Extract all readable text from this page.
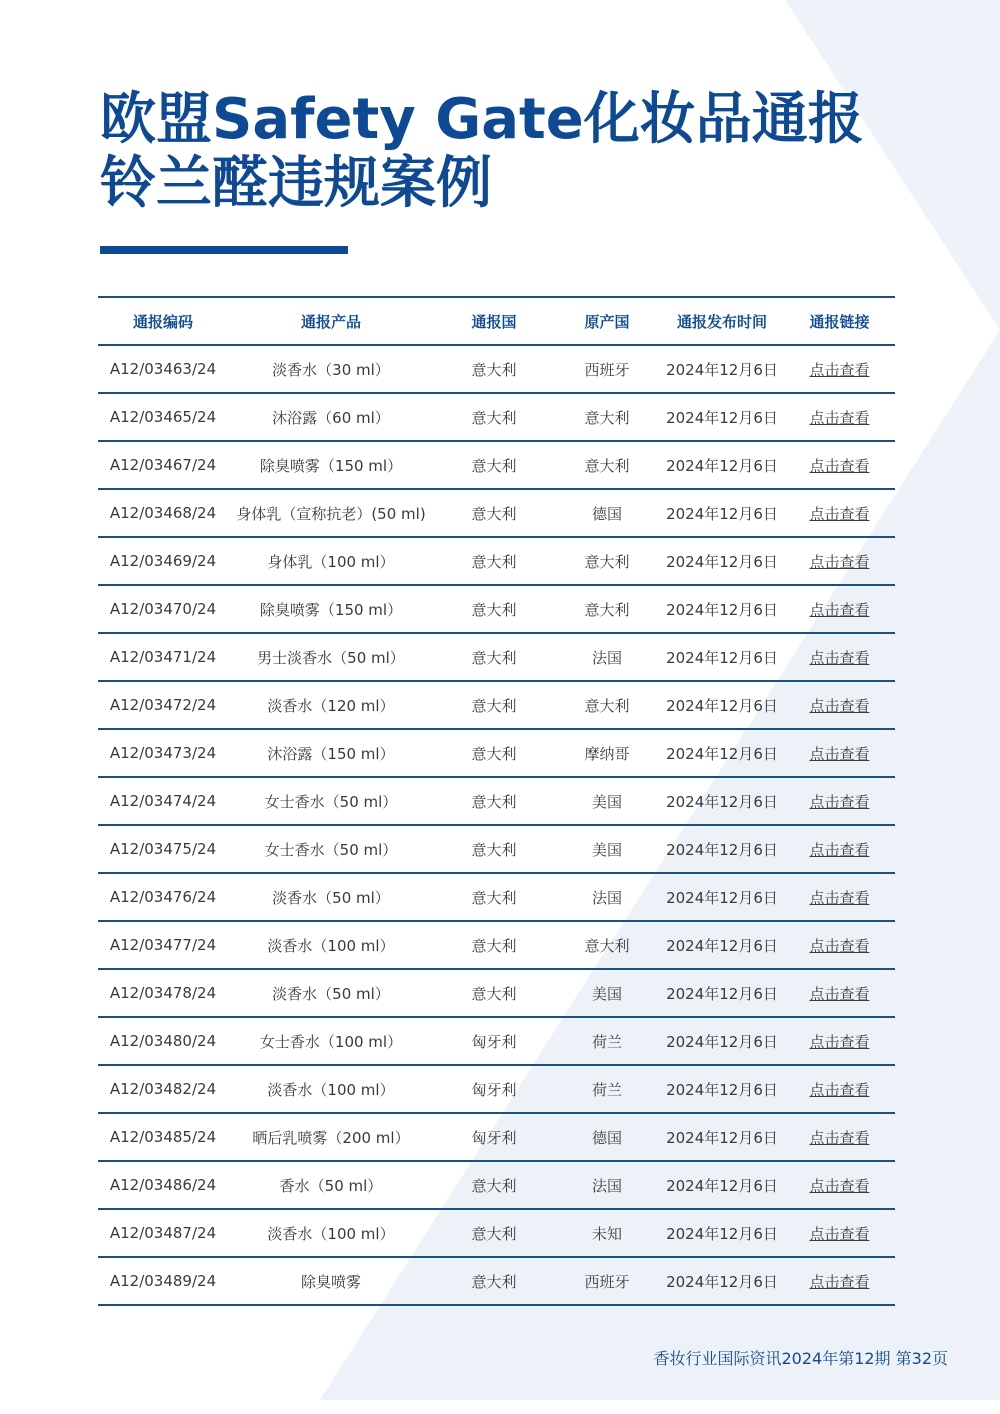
欧盟Safety Gate化妆品通报
铃兰醛违规案例
通报编码	通报产品	通报国	原产国	通报发布时间	通报链接
A12/03463/24	淡香水（30 ml）	意大利	西班牙	2024年12月6日	点击查看
A12/03465/24	沐浴露（60 ml）	意大利	意大利	2024年12月6日	点击查看
A12/03467/24	除臭喷雾（150 ml）	意大利	意大利	2024年12月6日	点击查看
A12/03468/24	身体乳（宣称抗老）(50 ml)	意大利	德国	2024年12月6日	点击查看
A12/03469/24	身体乳（100 ml）	意大利	意大利	2024年12月6日	点击查看
A12/03470/24	除臭喷雾（150 ml）	意大利	意大利	2024年12月6日	点击查看
A12/03471/24	男士淡香水（50 ml）	意大利	法国	2024年12月6日	点击查看
A12/03472/24	淡香水（120 ml）	意大利	意大利	2024年12月6日	点击查看
A12/03473/24	沐浴露（150 ml）	意大利	摩纳哥	2024年12月6日	点击查看
A12/03474/24	女士香水（50 ml）	意大利	美国	2024年12月6日	点击查看
A12/03475/24	女士香水（50 ml）	意大利	美国	2024年12月6日	点击查看
A12/03476/24	淡香水（50 ml）	意大利	法国	2024年12月6日	点击查看
A12/03477/24	淡香水（100 ml）	意大利	意大利	2024年12月6日	点击查看
A12/03478/24	淡香水（50 ml）	意大利	美国	2024年12月6日	点击查看
A12/03480/24	女士香水（100 ml）	匈牙利	荷兰	2024年12月6日	点击查看
A12/03482/24	淡香水（100 ml）	匈牙利	荷兰	2024年12月6日	点击查看
A12/03485/24	晒后乳喷雾（200 ml）	匈牙利	德国	2024年12月6日	点击查看
A12/03486/24	香水（50 ml）	意大利	法国	2024年12月6日	点击查看
A12/03487/24	淡香水（100 ml）	意大利	未知	2024年12月6日	点击查看
A12/03489/24	除臭喷雾	意大利	西班牙	2024年12月6日	点击查看
香妆行业国际资讯2024年第12期 第32页
